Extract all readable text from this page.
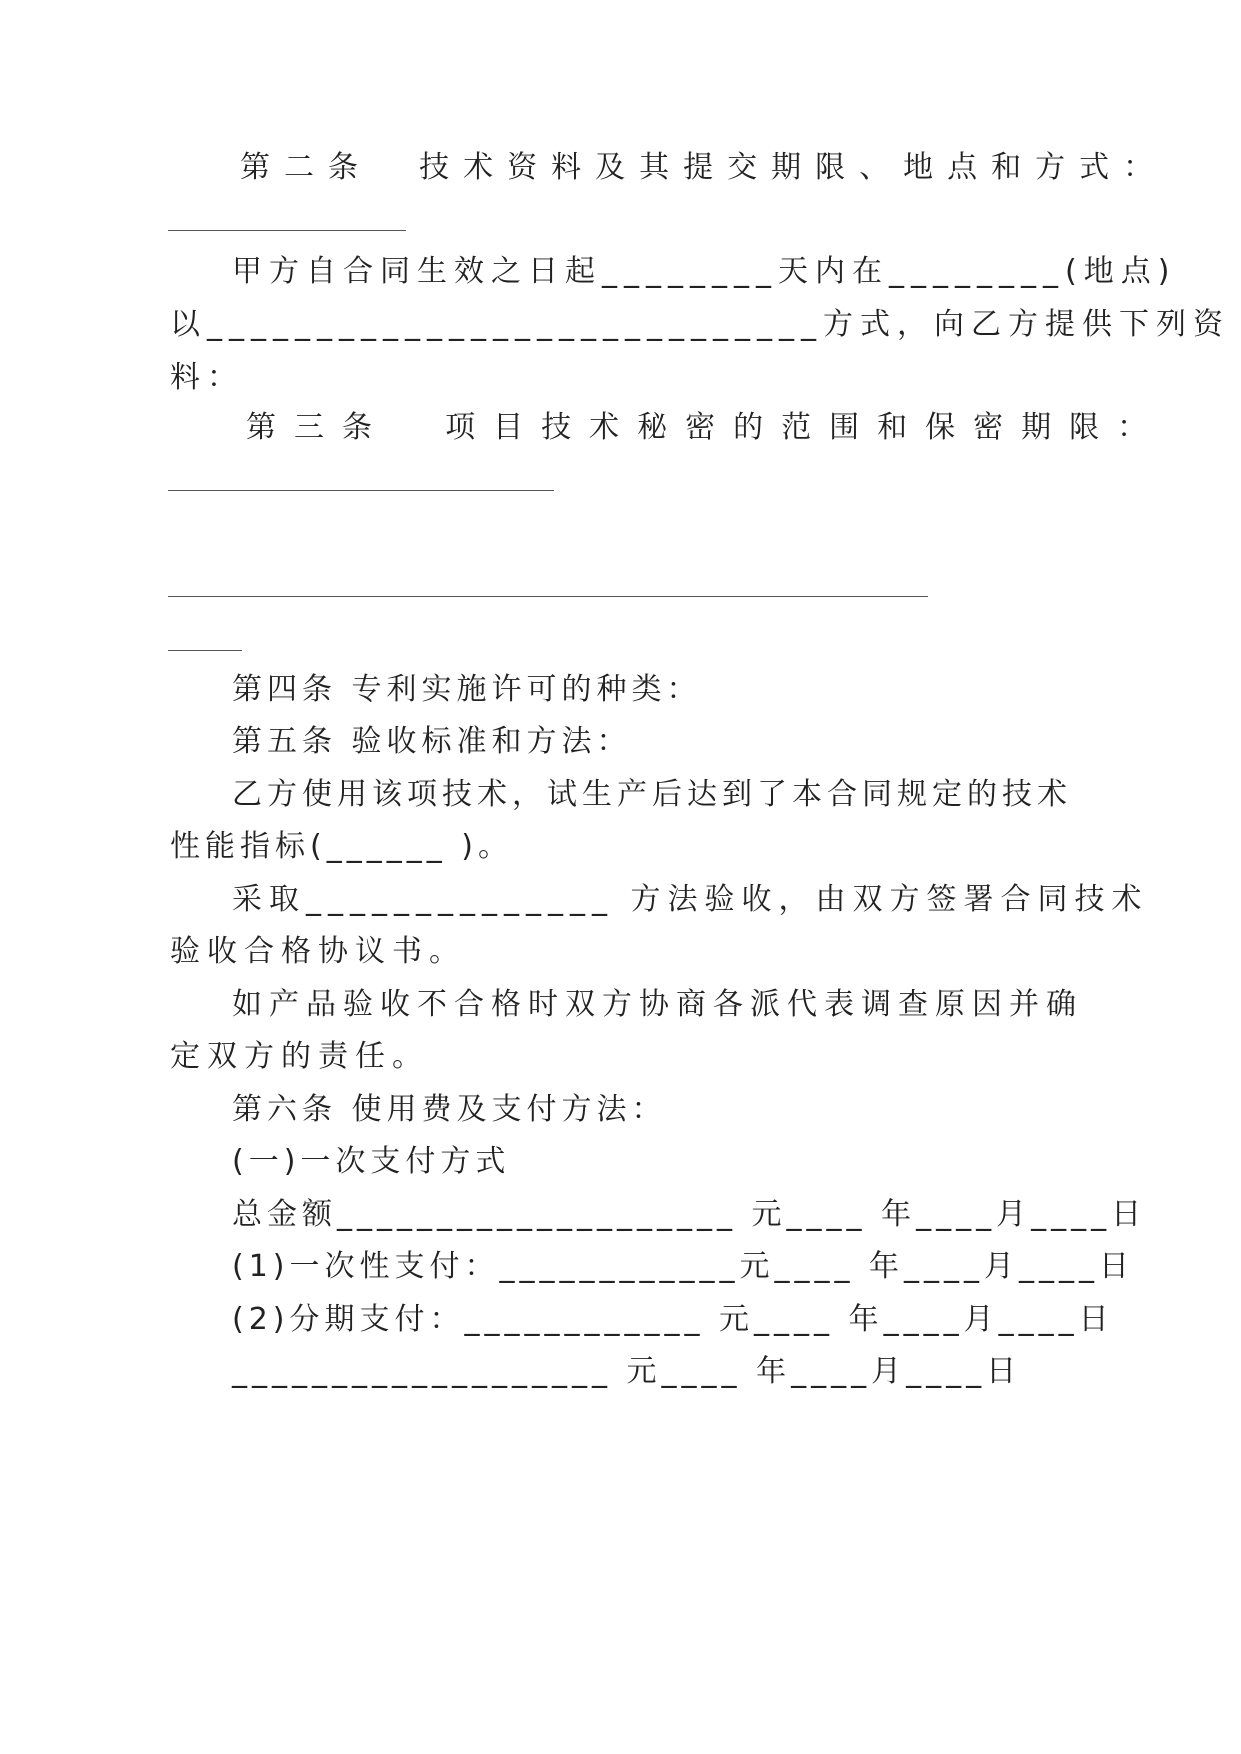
第二条  技术资料及其提交期限、地点和方式：
甲方自合同生效之日起________天内在________(地点)
以____________________________方式，向乙方提供下列资
料：
第三条  项目技术秘密的范围和保密期限：
第四条 专利实施许可的种类：
第五条 验收标准和方法：
乙方使用该项技术，试生产后达到了本合同规定的技术
性能指标(______ )。
采取______________ 方法验收，由双方签署合同技术
验收合格协议书。
如产品验收不合格时双方协商各派代表调查原因并确
定双方的责任。
第六条 使用费及支付方法：
(一)一次支付方式
总金额____________________ 元____ 年____月____日
(1)一次性支付：____________元____ 年____月____日
(2)分期支付：____________ 元____ 年____月____日
___________________ 元____ 年____月____日
